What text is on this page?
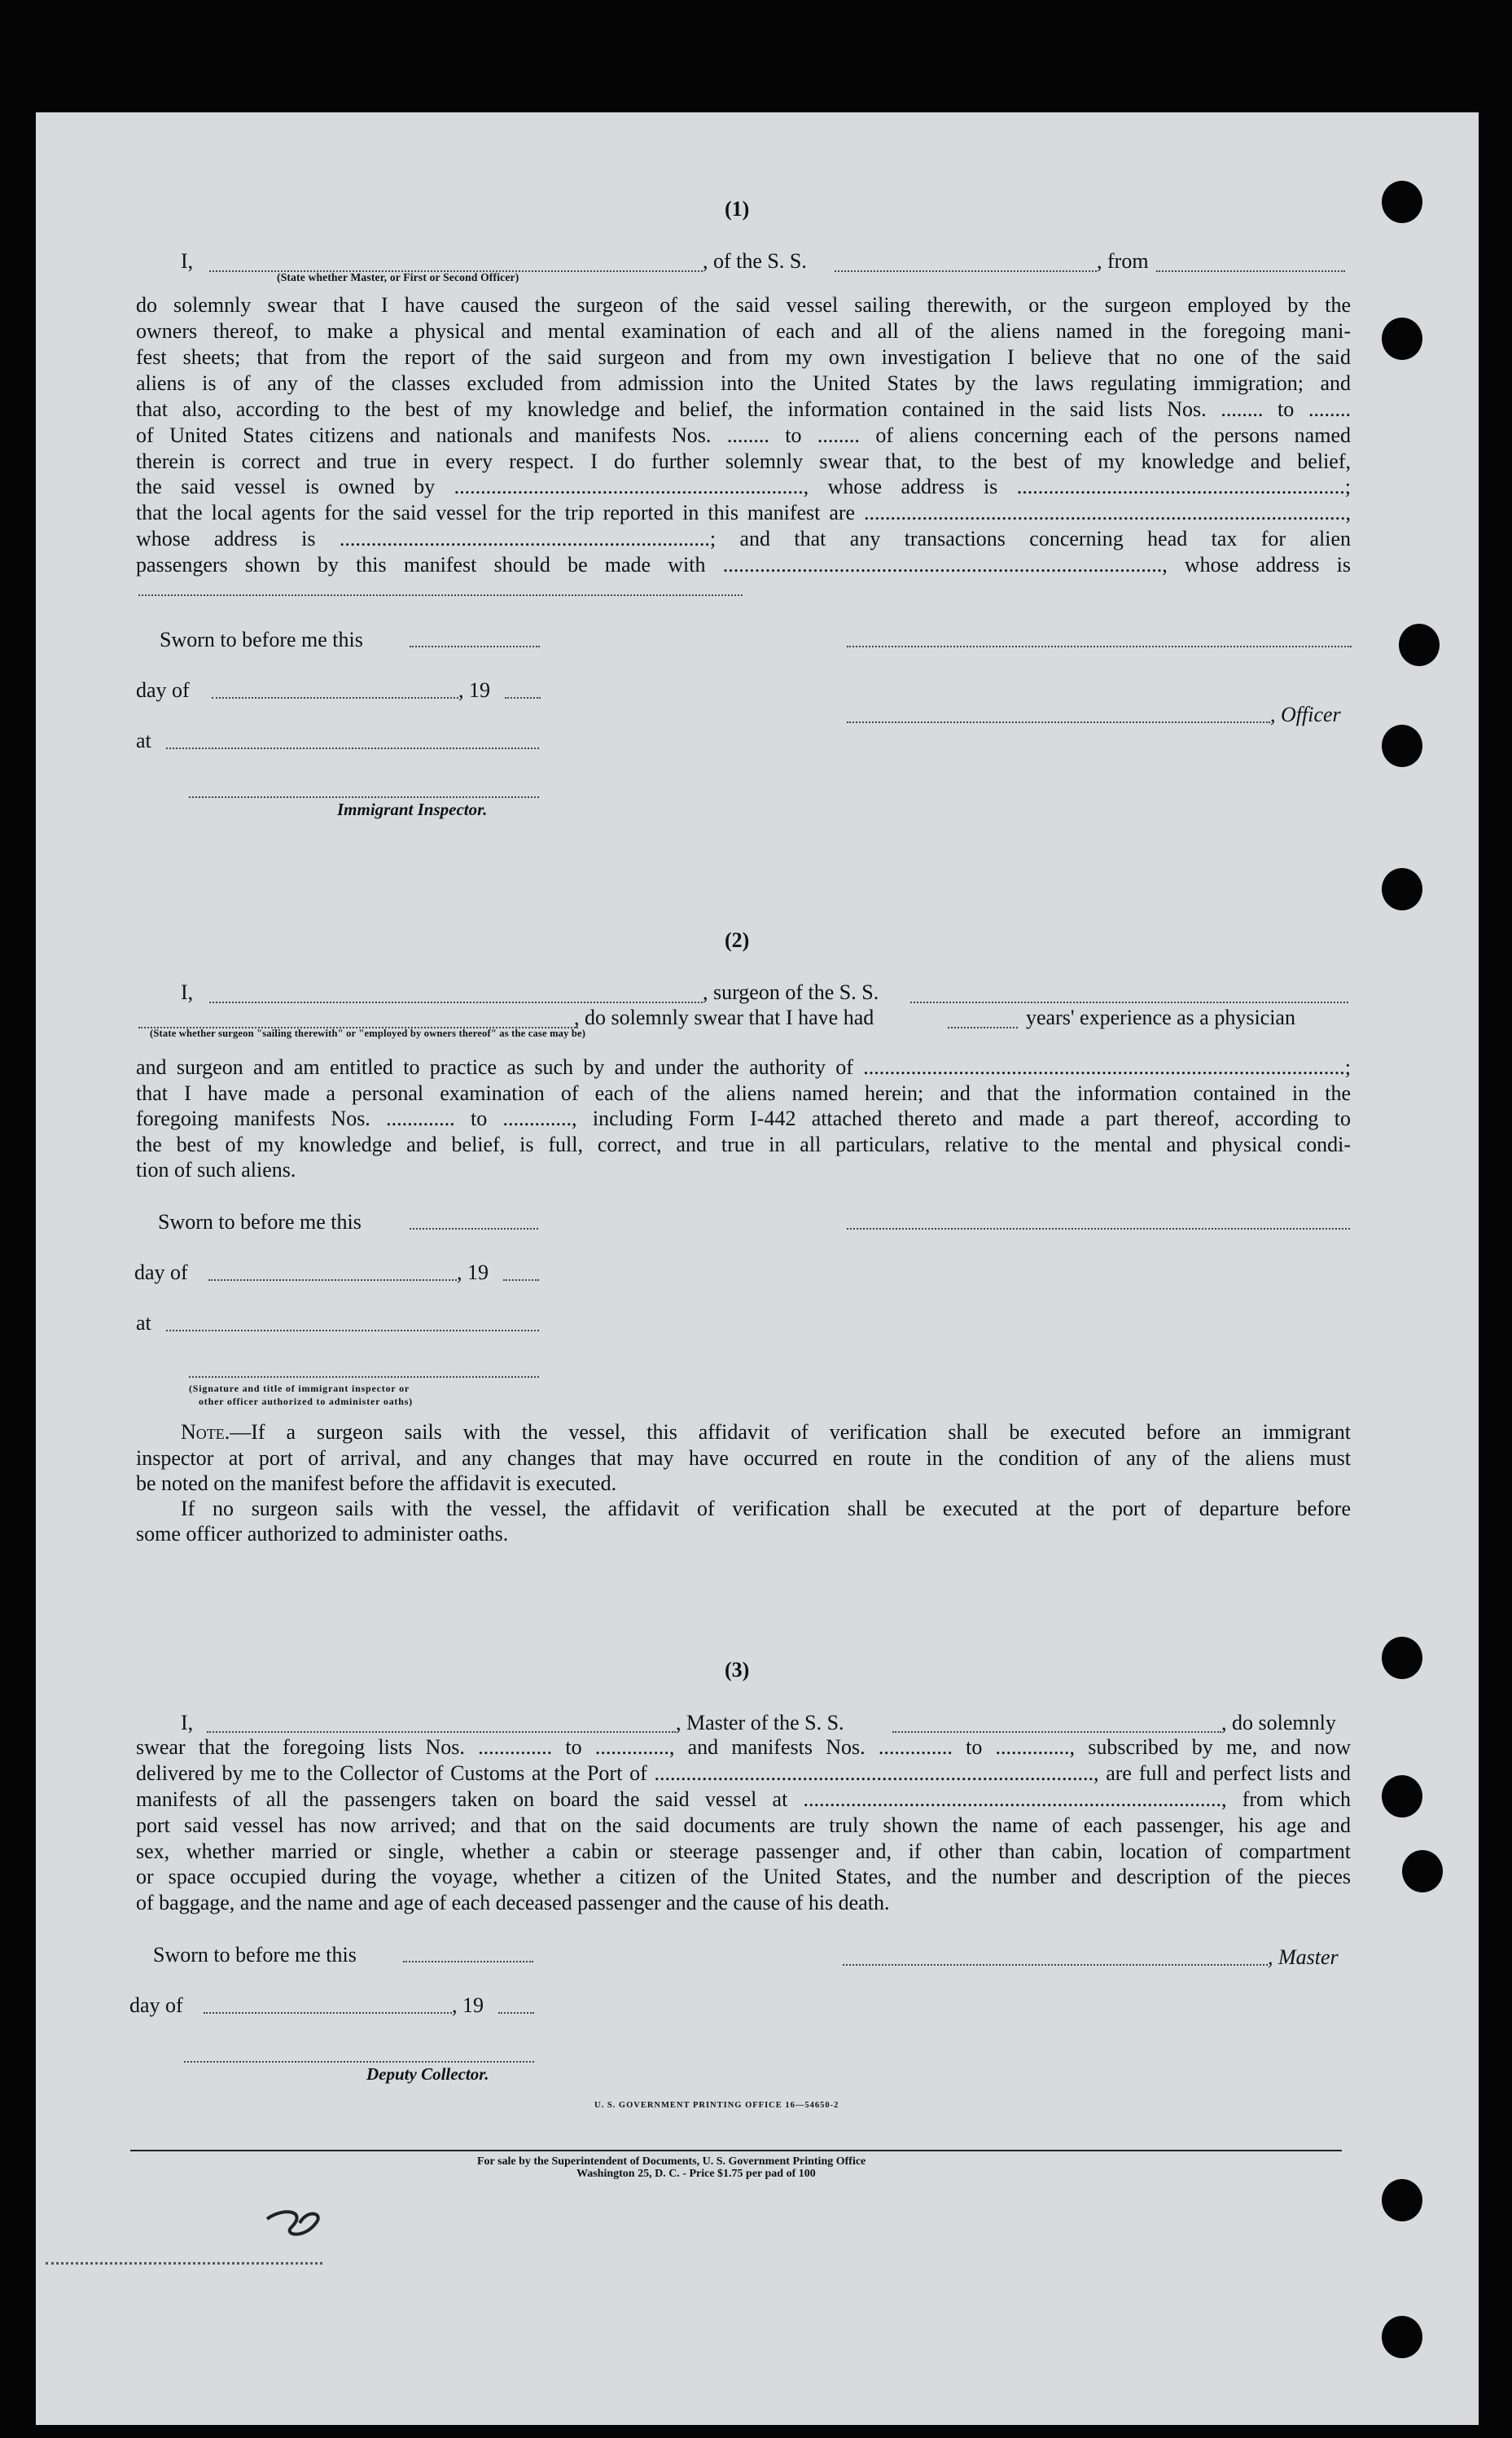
(1)
I,	, of the S. S.	, from
(State whether Master, or First or Second Officer)
do solemnly swear that I have caused the surgeon of the said vessel sailing therewith, or the surgeon employed by the
owners thereof, to make a physical and mental examination of each and all of the aliens named in the foregoing mani-
fest sheets; that from the report of the said surgeon and from my own investigation I believe that no one of the said
aliens is of any of the classes excluded from admission into the United States by the laws regulating immigration; and
that also, according to the best of my knowledge and belief, the information contained in the said lists Nos. ........ to ........
of United States citizens and nationals and manifests Nos. ........ to ........ of aliens concerning each of the persons named
therein is correct and true in every respect. I do further solemnly swear that, to the best of my knowledge and belief,
the said vessel is owned by .................................................................., whose address is ..............................................................;
that the local agents for the said vessel for the trip reported in this manifest are ...........................................................................................,
whose address is ......................................................................; and that any transactions concerning head tax for alien
passengers shown by this manifest should be made with ..................................................................................., whose address is
Sworn to before me this
day of	, 19
, Officer
at
Immigrant Inspector.
(2)
I,	, surgeon of the S. S.
, do solemnly swear that I have had	years' experience as a physician
(State whether surgeon "sailing therewith" or "employed by owners thereof" as the case may be)
and surgeon and am entitled to practice as such by and under the authority of ...........................................................................................;
that I have made a personal examination of each of the aliens named herein; and that the information contained in the
foregoing manifests Nos. ............. to ............., including Form I-442 attached thereto and made a part thereof, according to
the best of my knowledge and belief, is full, correct, and true in all particulars, relative to the mental and physical condi-
tion of such aliens.
Sworn to before me this
day of	, 19
at
(Signature and title of immigrant inspector or
other officer authorized to administer oaths)
Note.—If a surgeon sails with the vessel, this affidavit of verification shall be executed before an immigrant
inspector at port of arrival, and any changes that may have occurred en route in the condition of any of the aliens must
be noted on the manifest before the affidavit is executed.
If no surgeon sails with the vessel, the affidavit of verification shall be executed at the port of departure before
some officer authorized to administer oaths.
(3)
I,	, Master of the S. S.	, do solemnly
swear that the foregoing lists Nos. .............. to .............., and manifests Nos. .............. to .............., subscribed by me, and now
delivered by me to the Collector of Customs at the Port of ..................................................................................., are full and perfect lists and
manifests of all the passengers taken on board the said vessel at ..............................................................................., from which
port said vessel has now arrived; and that on the said documents are truly shown the name of each passenger, his age and
sex, whether married or single, whether a cabin or steerage passenger and, if other than cabin, location of compartment
or space occupied during the voyage, whether a citizen of the United States, and the number and description of the pieces
of baggage, and the name and age of each deceased passenger and the cause of his death.
Sworn to before me this	, Master
day of	, 19
Deputy Collector.
U. S. GOVERNMENT PRINTING OFFICE 16—54650-2
For sale by the Superintendent of Documents, U. S. Government Printing Office
Washington 25, D. C. - Price $1.75 per pad of 100
